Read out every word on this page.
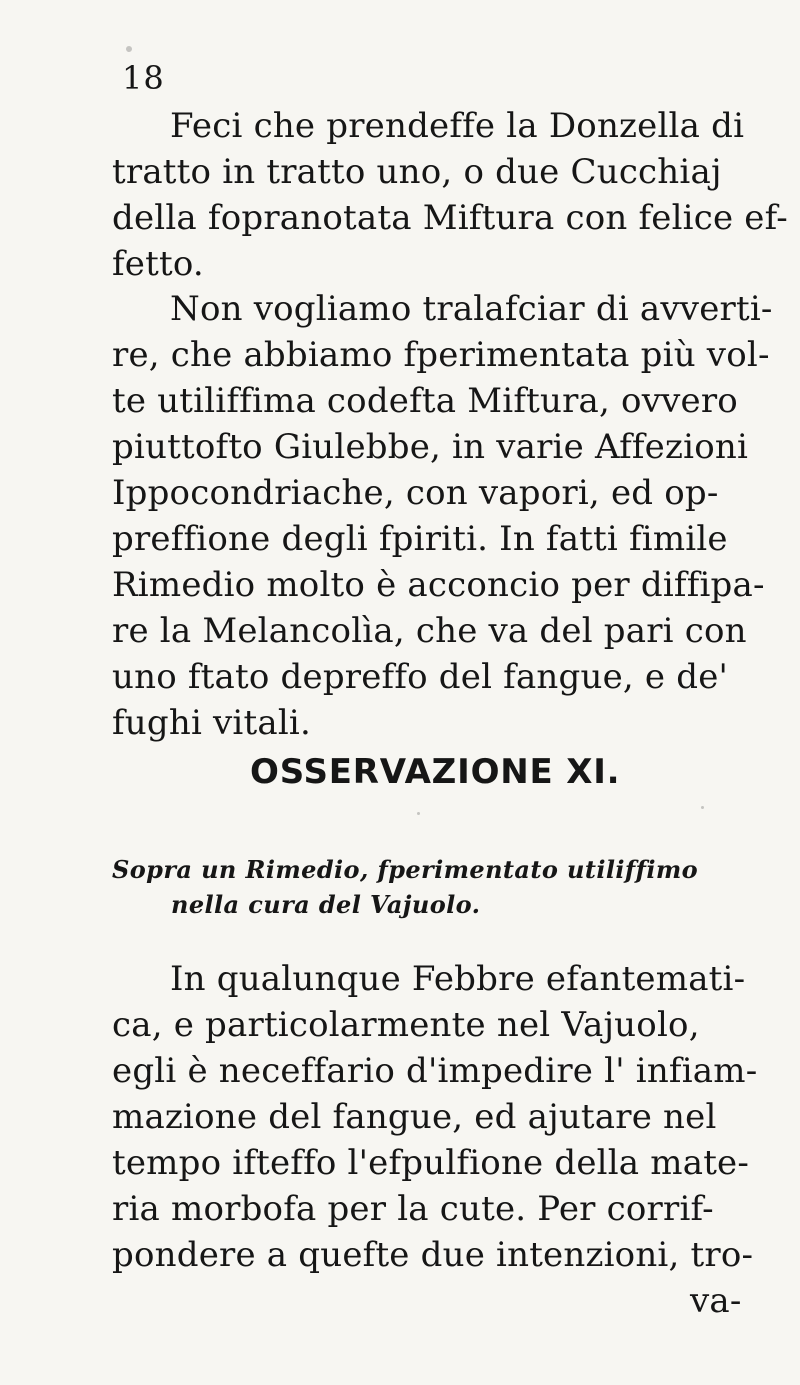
18
Feci che prendeffe la Donzella di
tratto in tratto uno, o due Cucchiaj
della fopranotata Miftura con felice ef-
fetto.
Non vogliamo tralafciar di avverti-
re, che abbiamo fperimentata più vol-
te utiliffima codefta Miftura, ovvero
piuttofto Giulebbe, in varie Affezioni
Ippocondriache, con vapori, ed op-
preffione degli fpiriti. In fatti fimile
Rimedio molto è acconcio per diffipa-
re la Melancolìa, che va del pari con
uno ftato depreffo del fangue, e de'
fughi vitali.
OSSERVAZIONE XI.
Sopra un Rimedio, fperimentato utiliffimo
nella cura del Vajuolo.
In qualunque Febbre efantemati-
ca, e particolarmente nel Vajuolo,
egli è neceffario d'impedire l' infiam-
mazione del fangue, ed ajutare nel
tempo ifteffo l'efpulfione della mate-
ria morbofa per la cute. Per corrif-
pondere a quefte due intenzioni, tro-
va-
